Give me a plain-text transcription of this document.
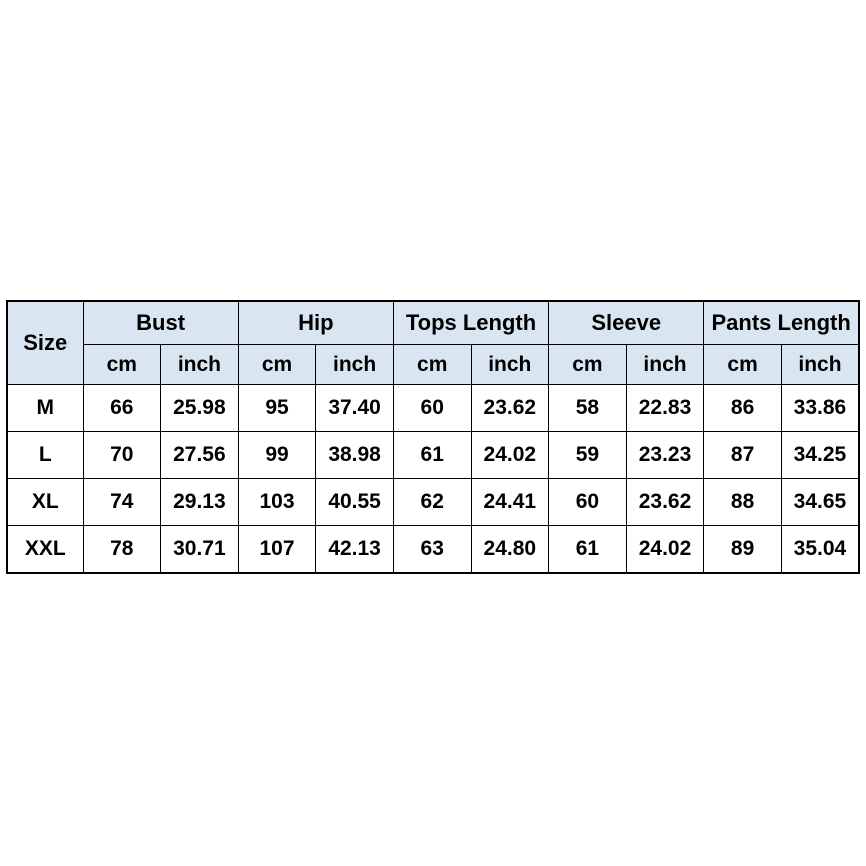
Size	Bust		Hip		Tops Length		Sleeve		Pants Length	
	cm	inch	cm	inch	cm	inch	cm	inch	cm	inch
M	66	25.98	95	37.40	60	23.62	58	22.83	86	33.86
L	70	27.56	99	38.98	61	24.02	59	23.23	87	34.25
XL	74	29.13	103	40.55	62	24.41	60	23.62	88	34.65
XXL	78	30.71	107	42.13	63	24.80	61	24.02	89	35.04
